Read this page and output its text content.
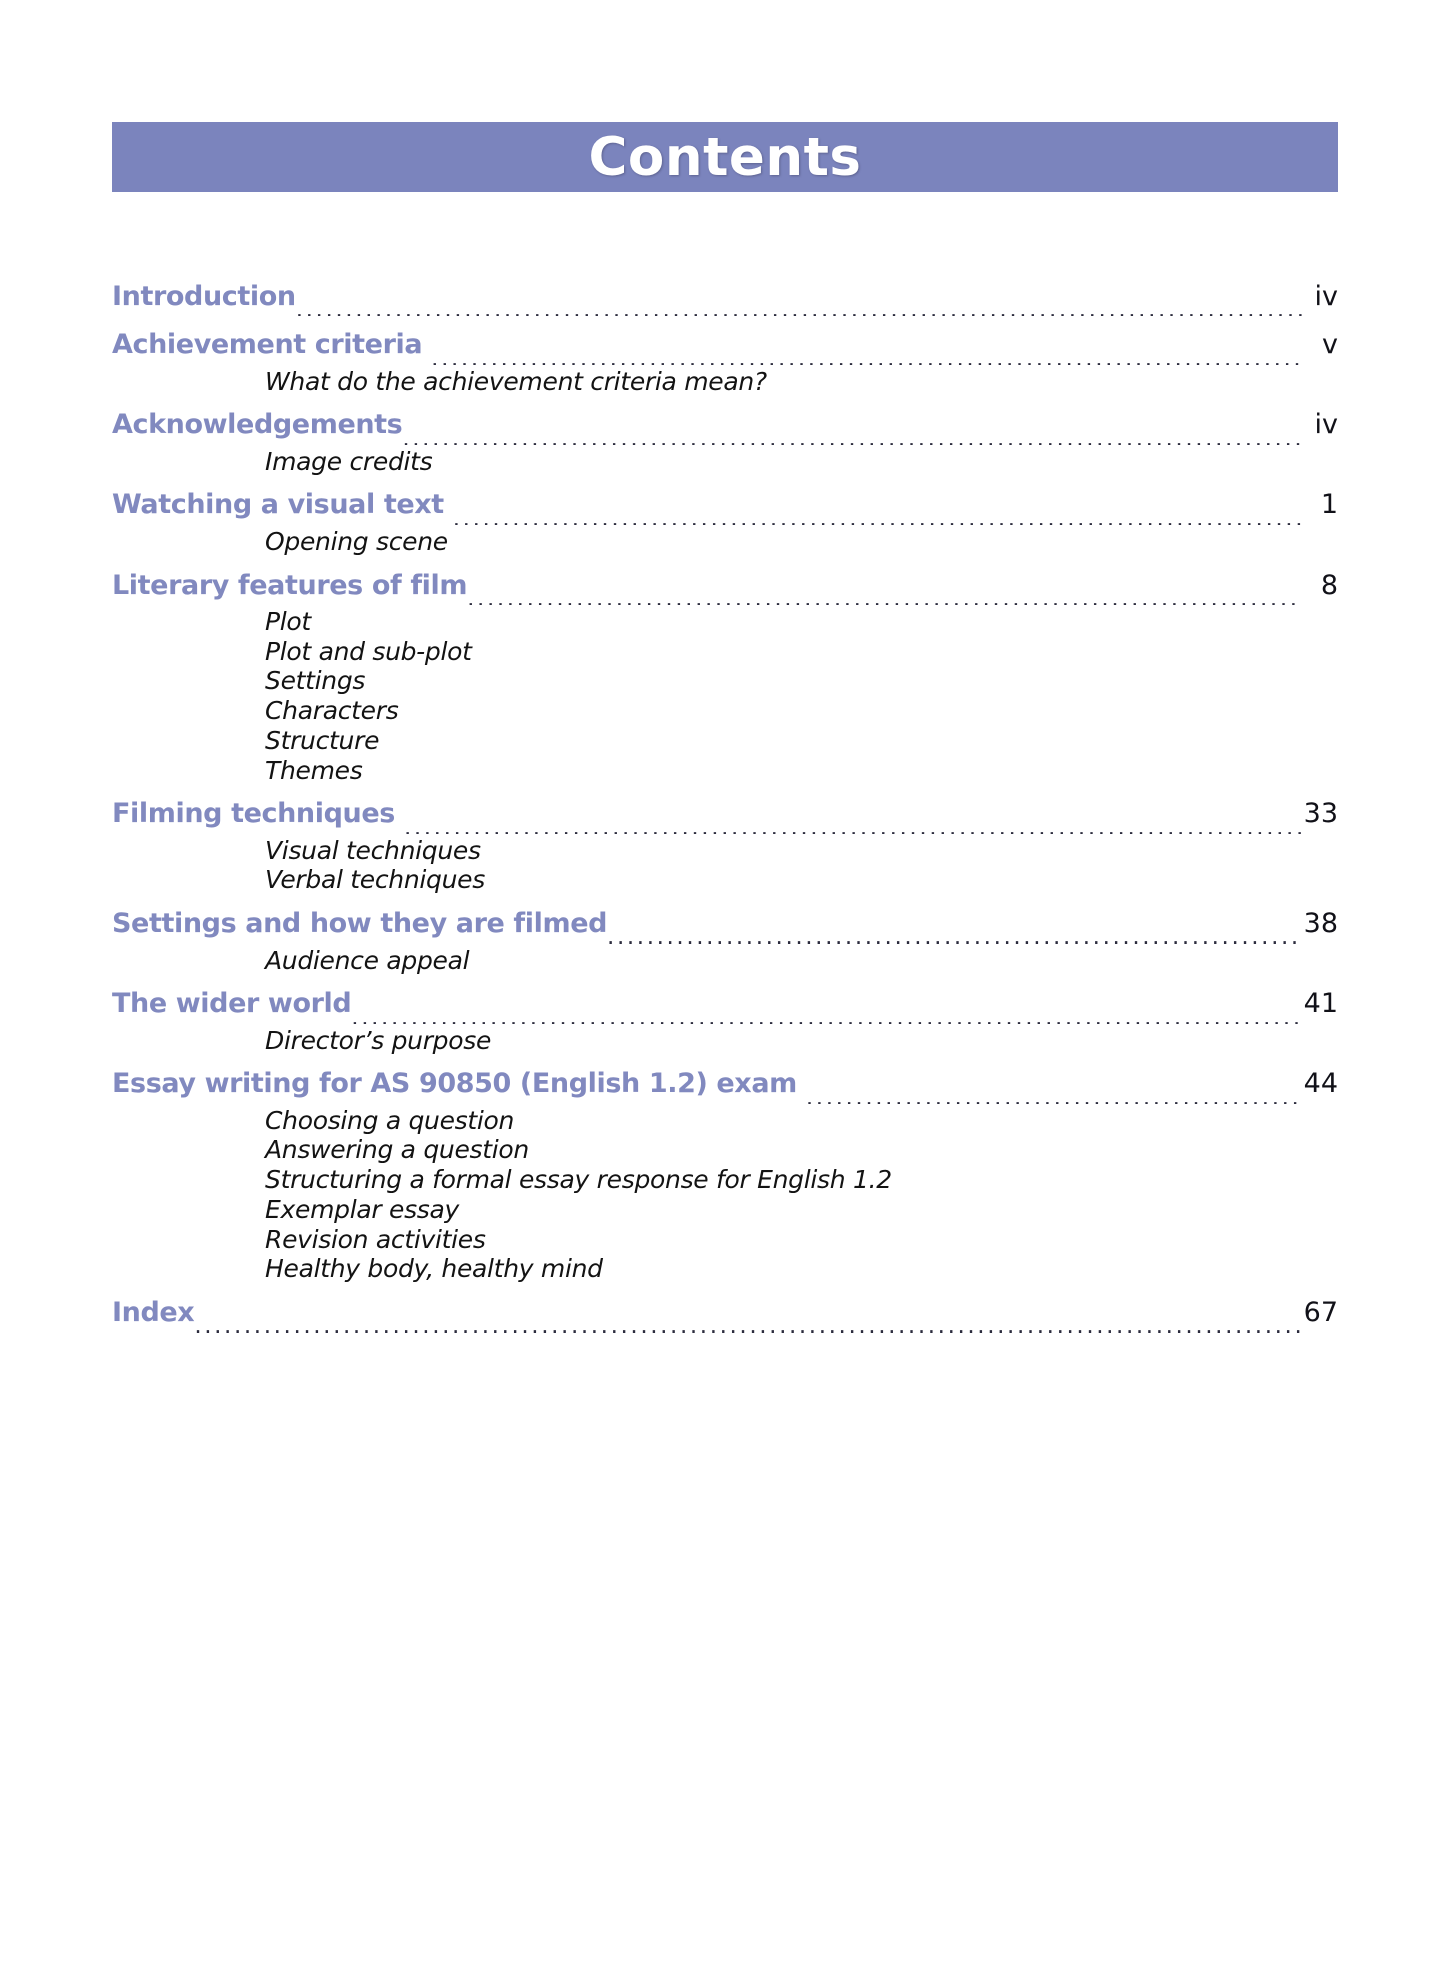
Contents
Introduction .....	iv
Achievement criteria .....	v
What do the achievement criteria mean?
Acknowledgements .....	iv
Image credits
Watching a visual text .....	1
Opening scene
Literary features of film .....	8
Plot
Plot and sub-plot
Settings
Characters
Structure
Themes
Filming techniques .....	33
Visual techniques
Verbal techniques
Settings and how they are filmed .....	38
Audience appeal
The wider world .....	41
Director’s purpose
Essay writing for AS 90850 (English 1.2) exam .....	44
Choosing a question
Answering a question
Structuring a formal essay response for English 1.2
Exemplar essay
Revision activities
Healthy body, healthy mind
Index .....	67
